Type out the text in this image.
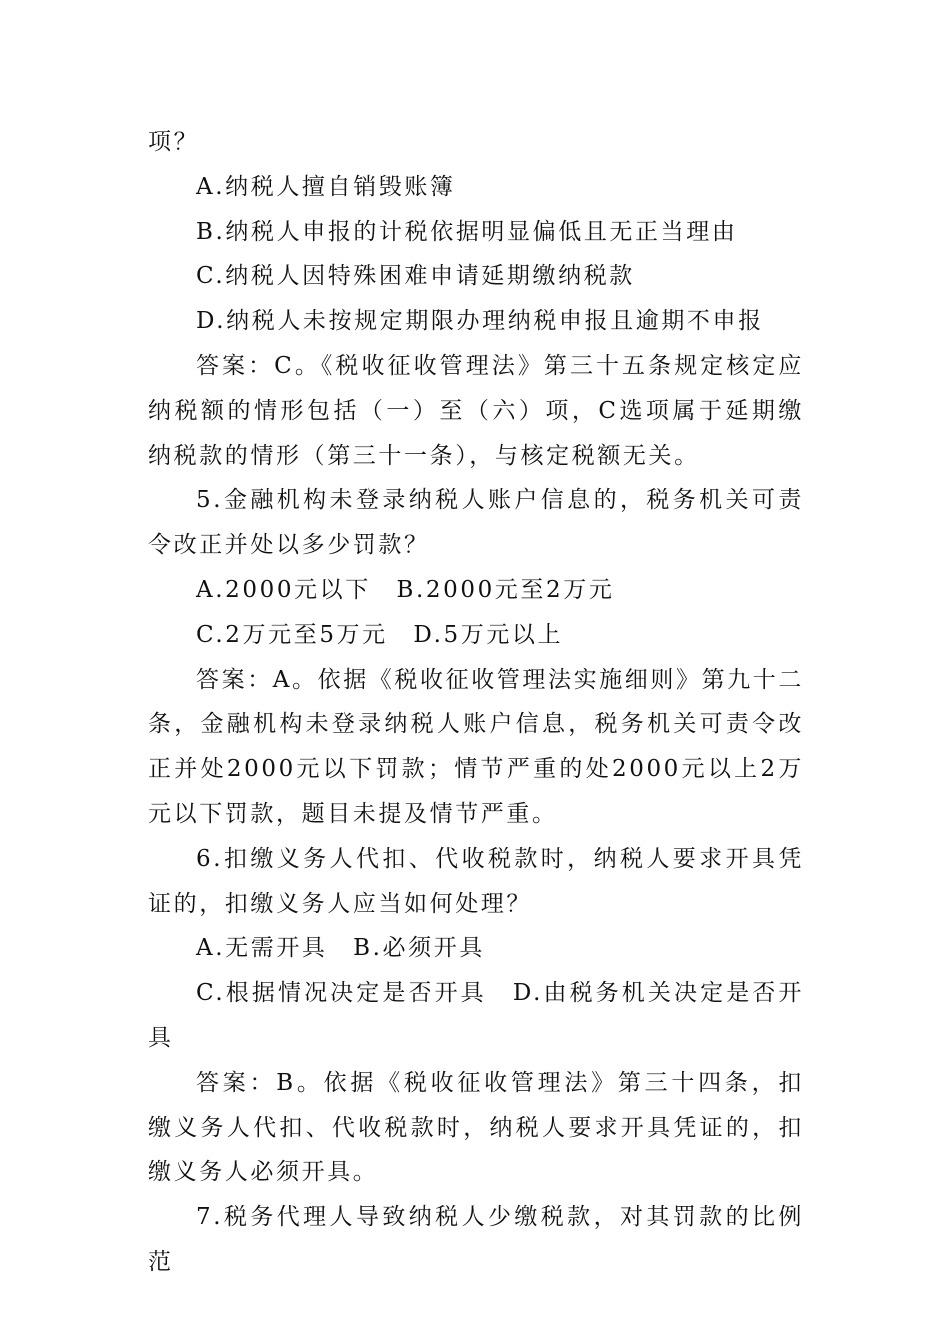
项？

A.纳税人擅自销毁账簿

B.纳税人申报的计税依据明显偏低且无正当理由

C.纳税人因特殊困难申请延期缴纳税款

D.纳税人未按规定期限办理纳税申报且逾期不申报

答案：C。《税收征收管理法》第三十五条规定核定应纳税额的情形包括（一）至（六）项，C选项属于延期缴纳税款的情形（第三十一条），与核定税额无关。

5.金融机构未登录纳税人账户信息的，税务机关可责令改正并处以多少罚款？

A.2000元以下　B.2000元至2万元

C.2万元至5万元　D.5万元以上

答案：A。依据《税收征收管理法实施细则》第九十二条，金融机构未登录纳税人账户信息，税务机关可责令改正并处2000元以下罚款；情节严重的处2000元以上2万元以下罚款，题目未提及情节严重。

6.扣缴义务人代扣、代收税款时，纳税人要求开具凭证的，扣缴义务人应当如何处理？

A.无需开具　B.必须开具

C.根据情况决定是否开具　D.由税务机关决定是否开具

答案：B。依据《税收征收管理法》第三十四条，扣缴义务人代扣、代收税款时，纳税人要求开具凭证的，扣缴义务人必须开具。

7.税务代理人导致纳税人少缴税款，对其罚款的比例范
